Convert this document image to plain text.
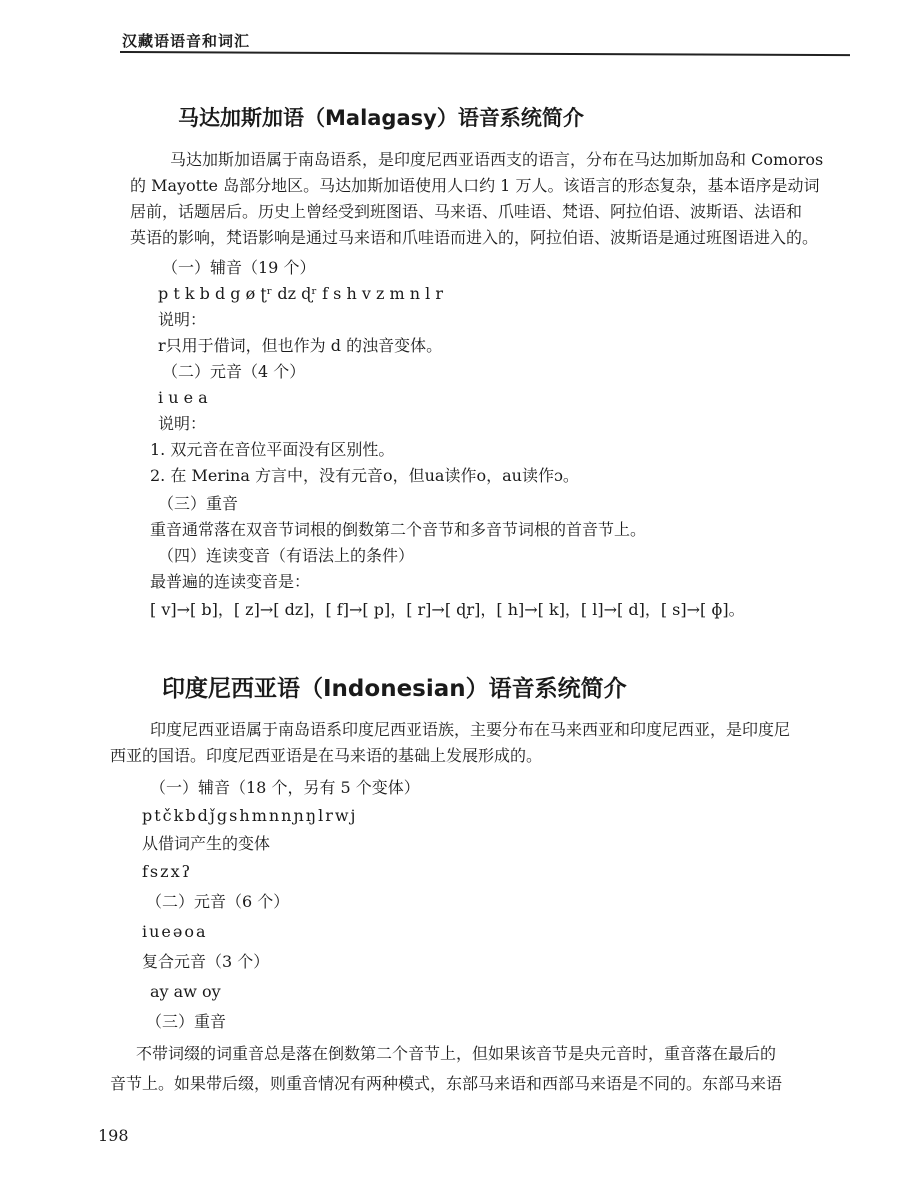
汉藏语语音和词汇
马达加斯加语（Malagasy）语音系统简介
马达加斯加语属于南岛语系，是印度尼西亚语西支的语言，分布在马达加斯加岛和 Comoros
的 Mayotte 岛部分地区。马达加斯加语使用人口约 1 万人。该语言的形态复杂，基本语序是动词
居前，话题居后。历史上曾经受到班图语、马来语、爪哇语、梵语、阿拉伯语、波斯语、法语和
英语的影响，梵语影响是通过马来语和爪哇语而进入的，阿拉伯语、波斯语是通过班图语进入的。
（一）辅音（19 个）
p t k b d g ø ʈʳ dz ɖʳ f s h v z m n l r
说明：
r只用于借词，但也作为 d 的浊音变体。
（二）元音（4 个）
i u e a
说明：
1. 双元音在音位平面没有区别性。
2. 在 Merina 方言中，没有元音o，但ua读作o，au读作ɔ。
（三）重音
重音通常落在双音节词根的倒数第二个音节和多音节词根的首音节上。
（四）连读变音（有语法上的条件）
最普遍的连读变音是：
[ v]→[ b]，[ z]→[ dz]，[ f]→[ p]，[ r]→[ ɖr]，[ h]→[ k]，[ l]→[ d]，[ s]→[ ɸ]。
印度尼西亚语（Indonesian）语音系统简介
印度尼西亚语属于南岛语系印度尼西亚语族，主要分布在马来西亚和印度尼西亚，是印度尼
西亚的国语。印度尼西亚语是在马来语的基础上发展形成的。
（一）辅音（18 个，另有 5 个变体）
ptčkbdǰgshmnnɲŋlrwj
从借词产生的变体
fszxʔ
（二）元音（6 个）
iueəoa
复合元音（3 个）
ay aw oy
（三）重音
不带词缀的词重音总是落在倒数第二个音节上，但如果该音节是央元音时，重音落在最后的
音节上。如果带后缀，则重音情况有两种模式，东部马来语和西部马来语是不同的。东部马来语
198
